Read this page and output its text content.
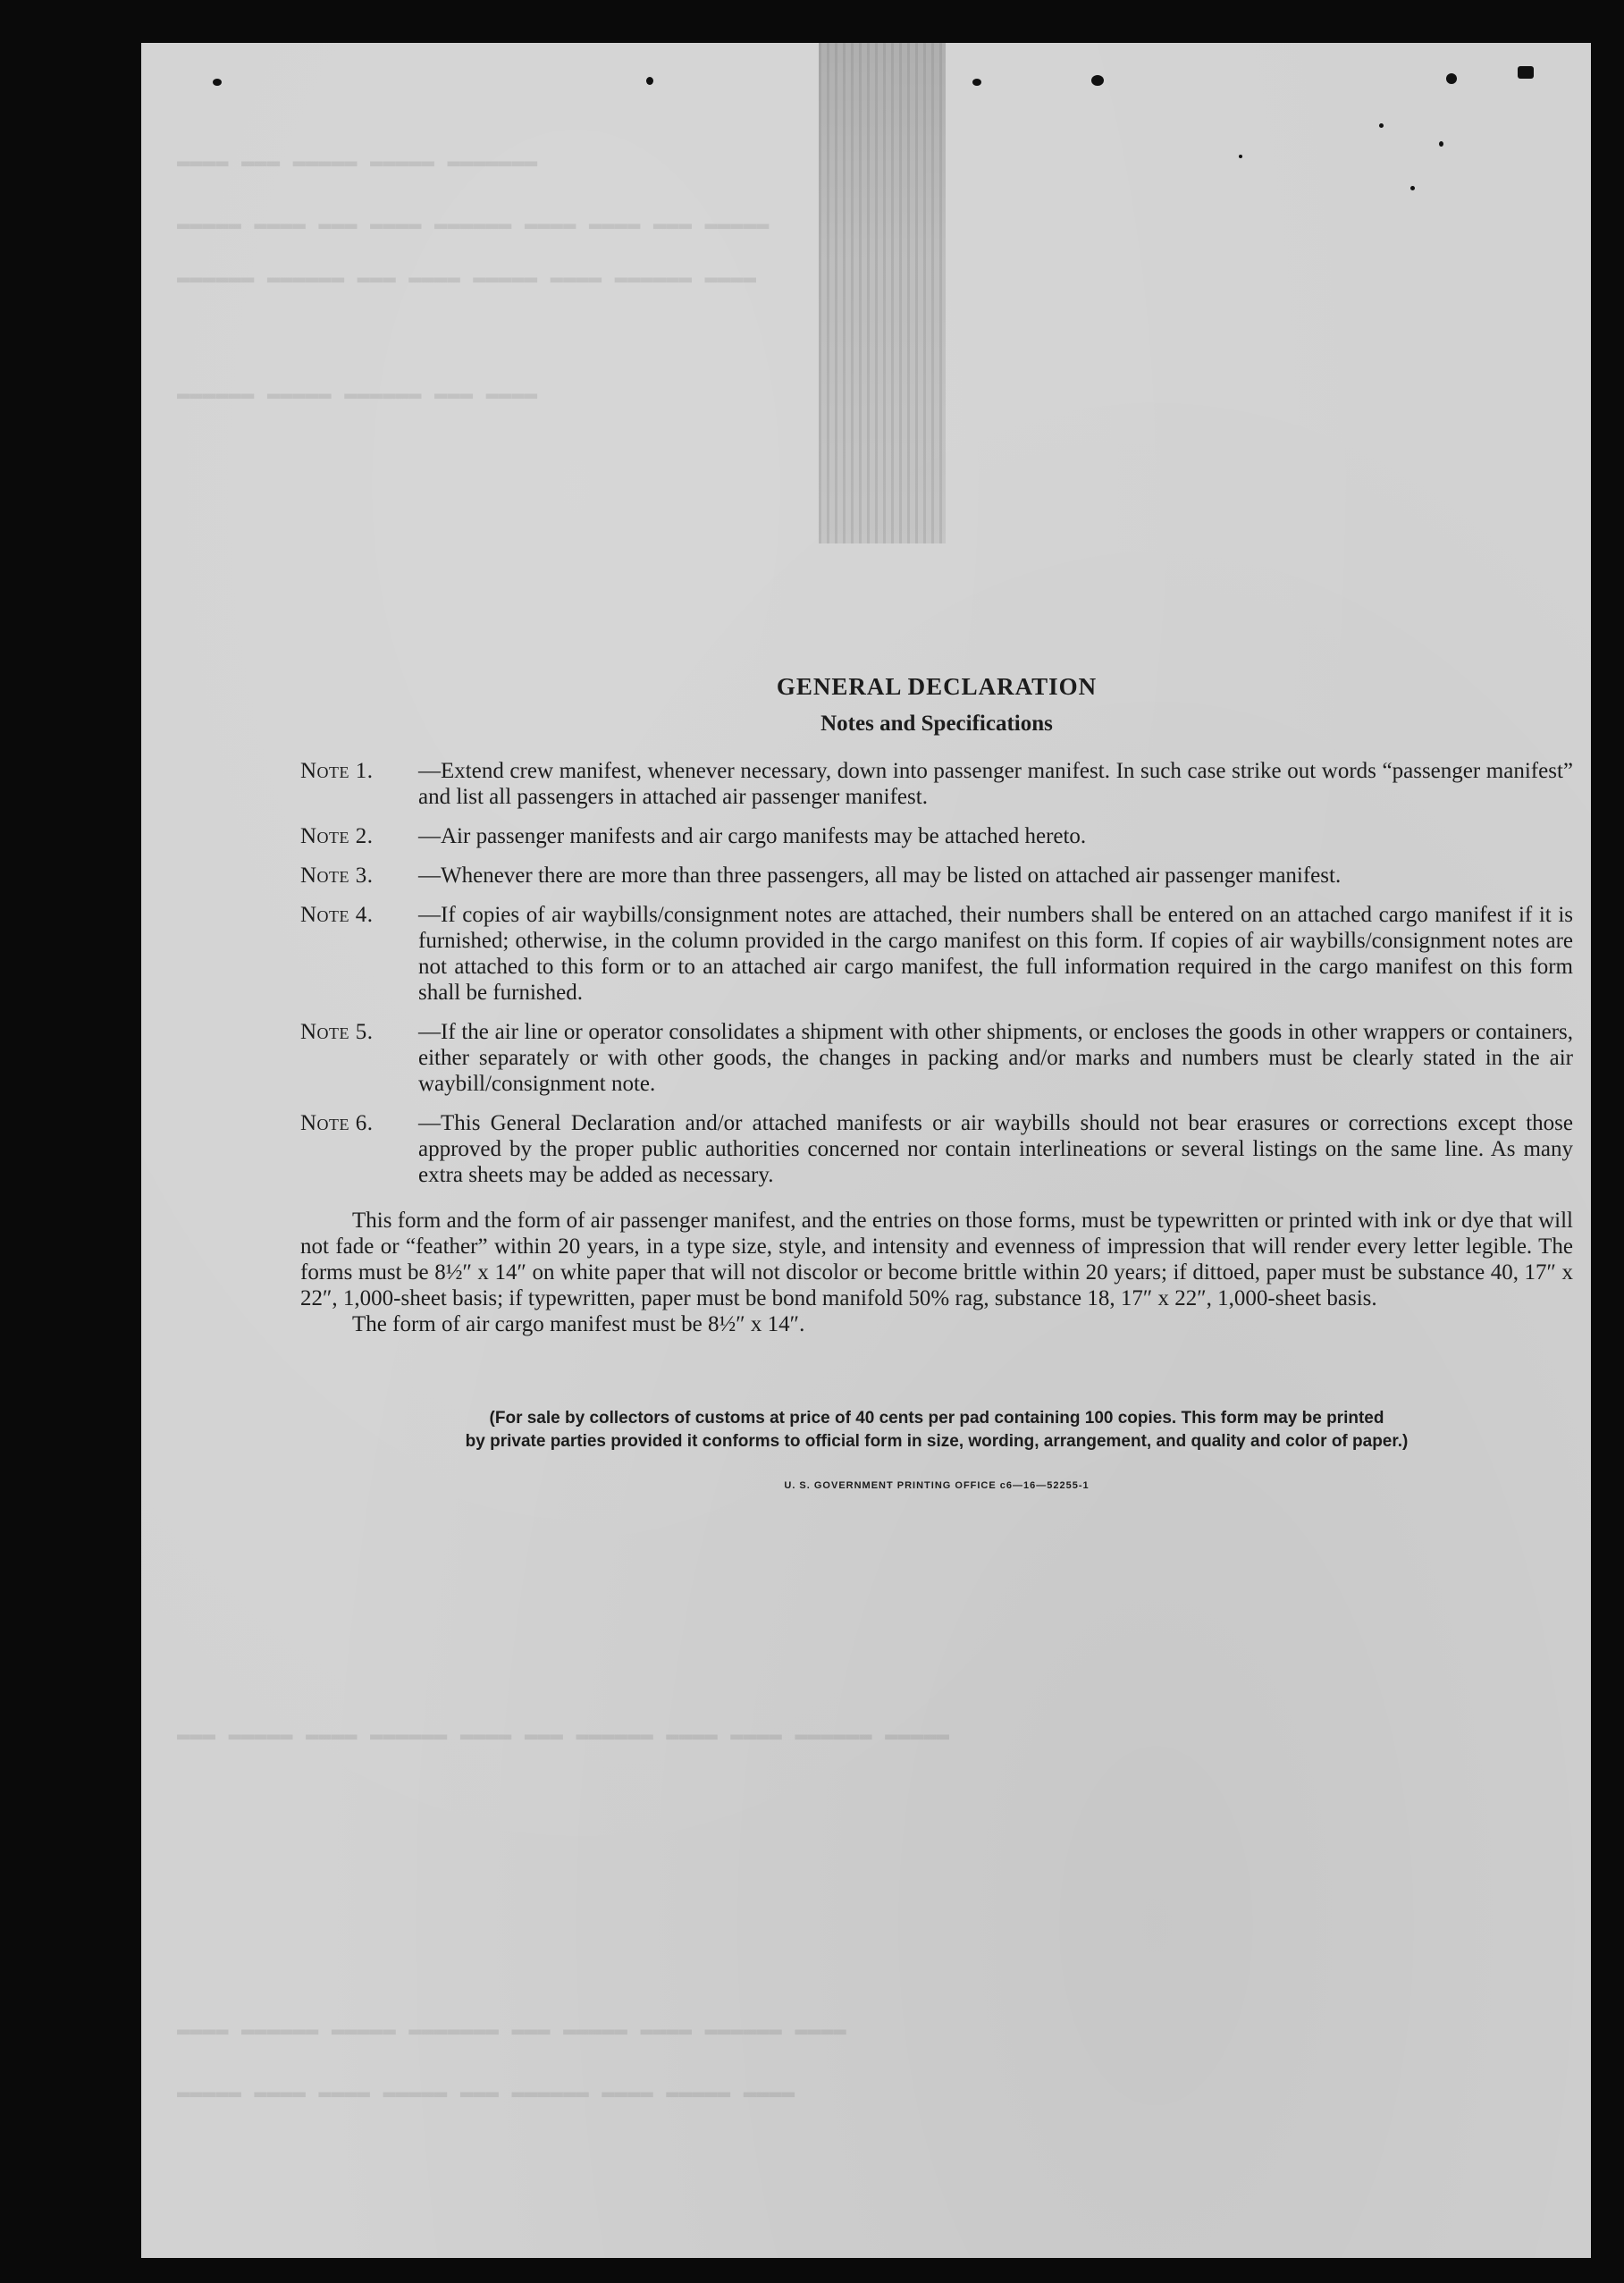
▬▬▬▬ ▬▬▬ ▬▬▬▬▬ ▬▬▬▬▬ ▬▬▬▬▬▬▬
▬▬▬▬▬ ▬▬▬▬ ▬▬▬ ▬▬▬▬ ▬▬▬▬▬▬ ▬▬▬▬ ▬▬▬▬ ▬▬▬ ▬▬▬▬▬
▬▬▬▬▬▬ ▬▬▬▬▬▬ ▬▬▬ ▬▬▬▬ ▬▬▬▬▬ ▬▬▬▬ ▬▬▬▬▬▬ ▬▬▬▬
▬▬▬▬▬▬ ▬▬▬▬▬ ▬▬▬▬▬▬ ▬▬▬ ▬▬▬▬
▬▬▬ ▬▬▬▬▬ ▬▬▬▬ ▬▬▬▬▬▬ ▬▬▬▬ ▬▬▬ ▬▬▬▬▬▬ ▬▬▬▬ ▬▬▬▬ ▬▬▬▬▬▬ ▬▬▬▬▬
▬▬▬▬ ▬▬▬▬▬▬ ▬▬▬▬▬ ▬▬▬▬▬▬▬ ▬▬▬ ▬▬▬▬▬ ▬▬▬▬ ▬▬▬▬▬▬ ▬▬▬▬
▬▬▬▬▬ ▬▬▬▬ ▬▬▬▬ ▬▬▬▬▬ ▬▬▬ ▬▬▬▬▬▬ ▬▬▬▬ ▬▬▬▬▬ ▬▬▬▬
GENERAL DECLARATION
Notes and Specifications
Note 1.	—Extend crew manifest, whenever necessary, down into passenger manifest. In such case strike out words “passenger manifest” and list all passengers in attached air passenger manifest.
Note 2.	—Air passenger manifests and air cargo manifests may be attached hereto.
Note 3.	—Whenever there are more than three passengers, all may be listed on attached air passenger manifest.
Note 4.	—If copies of air waybills/consignment notes are attached, their numbers shall be entered on an attached cargo manifest if it is furnished; otherwise, in the column provided in the cargo manifest on this form. If copies of air waybills/consignment notes are not attached to this form or to an attached air cargo manifest, the full information required in the cargo manifest on this form shall be furnished.
Note 5.	—If the air line or operator consolidates a shipment with other shipments, or encloses the goods in other wrappers or containers, either separately or with other goods, the changes in packing and/or marks and numbers must be clearly stated in the air waybill/consignment note.
Note 6.	—This General Declaration and/or attached manifests or air waybills should not bear erasures or corrections except those approved by the proper public authorities concerned nor contain interlineations or several listings on the same line. As many extra sheets may be added as necessary.
This form and the form of air passenger manifest, and the entries on those forms, must be typewritten or printed with ink or dye that will not fade or “feather” within 20 years, in a type size, style, and intensity and evenness of impression that will render every letter legible. The forms must be 8½″ x 14″ on white paper that will not discolor or become brittle within 20 years; if dittoed, paper must be substance 40, 17″ x 22″, 1,000-sheet basis; if typewritten, paper must be bond manifold 50% rag, substance 18, 17″ x 22″, 1,000-sheet basis.
The form of air cargo manifest must be 8½″ x 14″.
(For sale by collectors of customs at price of 40 cents per pad containing 100 copies. This form may be printed
by private parties provided it conforms to official form in size, wording, arrangement, and quality and color of paper.)
U. S. GOVERNMENT PRINTING OFFICE c6—16—52255-1
